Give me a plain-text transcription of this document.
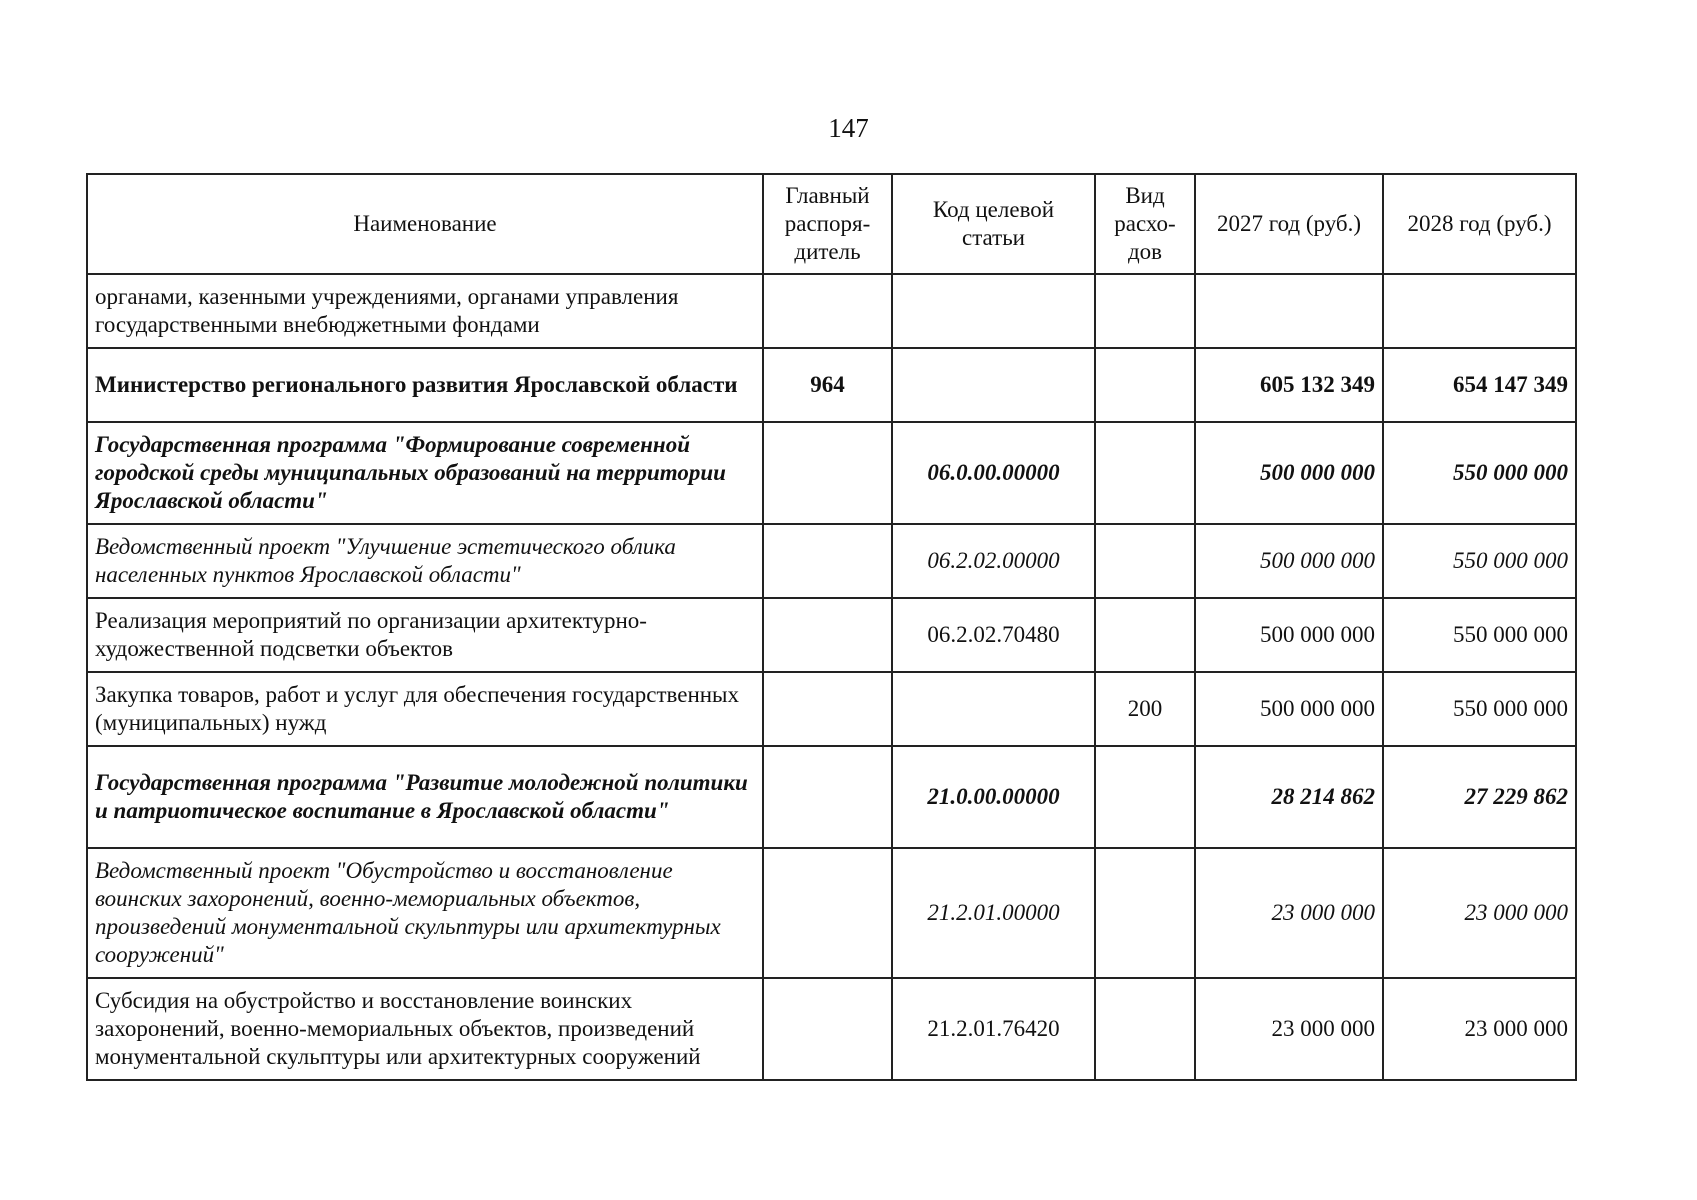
147
Наименование	Главный распоря-дитель	Код целевой статьи	Вид расхо-дов	2027 год (руб.)	2028 год (руб.)
органами, казенными учреждениями, органами управления государственными внебюджетными фондами					
Министерство регионального развития Ярославской области	964			605 132 349	654 147 349
Государственная программа "Формирование современной городской среды муниципальных образований на территории Ярославской области"		06.0.00.00000		500 000 000	550 000 000
Ведомственный проект "Улучшение эстетического облика населенных пунктов Ярославской области"		06.2.02.00000		500 000 000	550 000 000
Реализация мероприятий по организации архитектурно-художественной подсветки объектов		06.2.02.70480		500 000 000	550 000 000
Закупка товаров, работ и услуг для обеспечения государственных (муниципальных) нужд			200	500 000 000	550 000 000
Государственная программа "Развитие молодежной политики и патриотическое воспитание в Ярославской области"		21.0.00.00000		28 214 862	27 229 862
Ведомственный проект "Обустройство и восстановление воинских захоронений, военно-мемориальных объектов, произведений монументальной скульптуры или архитектурных сооружений"		21.2.01.00000		23 000 000	23 000 000
Субсидия на обустройство и восстановление воинских захоронений, военно-мемориальных объектов, произведений монументальной скульптуры или архитектурных сооружений		21.2.01.76420		23 000 000	23 000 000
